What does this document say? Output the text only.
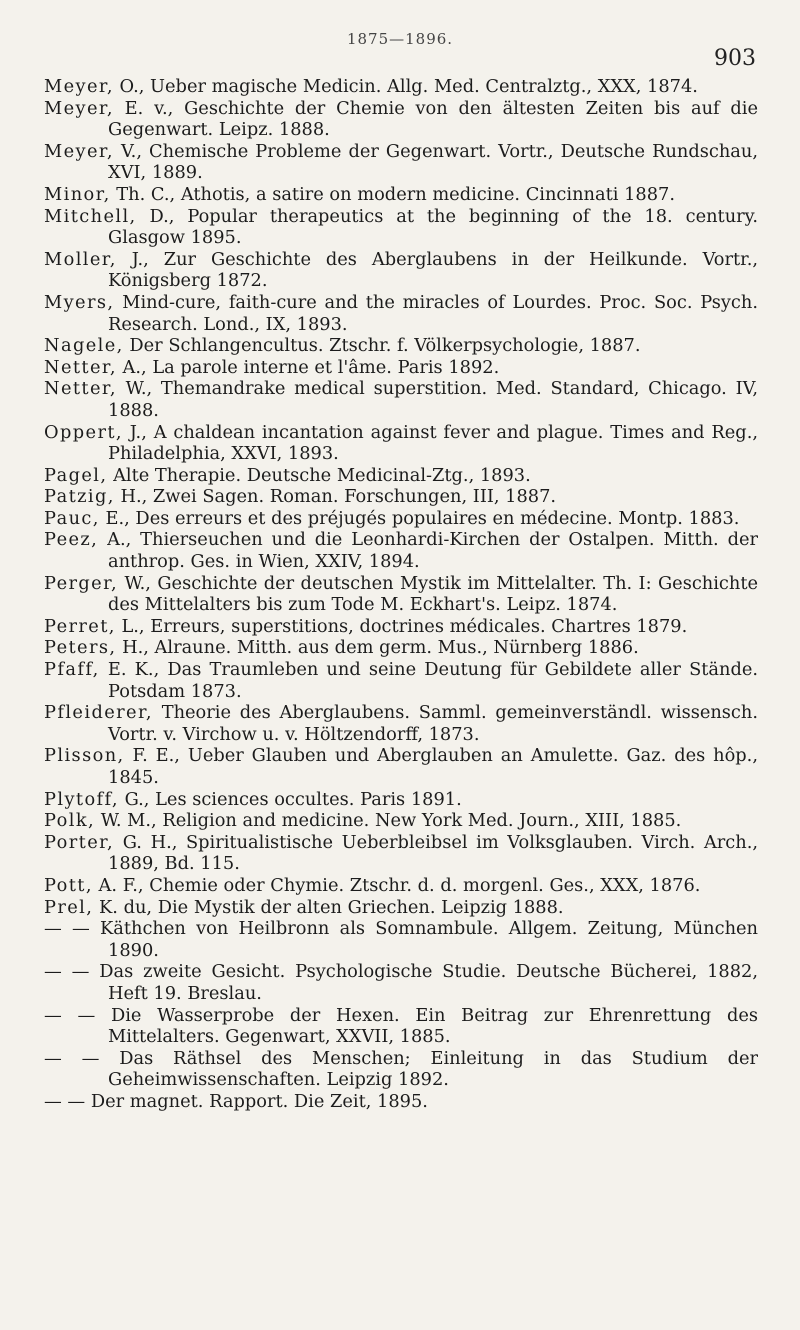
1875—1896.
903

Meyer, O., Ueber magische Medicin. Allg. Med. Centralztg., XXX, 1874.

Meyer, E. v., Geschichte der Chemie von den ältesten Zeiten bis auf die Gegenwart. Leipz. 1888.

Meyer, V., Chemische Probleme der Gegenwart. Vortr., Deutsche Rundschau, XVI, 1889.

Minor, Th. C., Athotis, a satire on modern medicine. Cincinnati 1887.

Mitchell, D., Popular therapeutics at the beginning of the 18. century. Glasgow 1895.

Moller, J., Zur Geschichte des Aberglaubens in der Heilkunde. Vortr., Königsberg 1872.

Myers, Mind-cure, faith-cure and the miracles of Lourdes. Proc. Soc. Psych. Research. Lond., IX, 1893.

Nagele, Der Schlangencultus. Ztschr. f. Völkerpsychologie, 1887.

Netter, A., La parole interne et l'âme. Paris 1892.

Netter, W., Themandrake medical superstition. Med. Standard, Chicago. IV, 1888.

Oppert, J., A chaldean incantation against fever and plague. Times and Reg., Philadelphia, XXVI, 1893.

Pagel, Alte Therapie. Deutsche Medicinal-Ztg., 1893.

Patzig, H., Zwei Sagen. Roman. Forschungen, III, 1887.

Pauc, E., Des erreurs et des préjugés populaires en médecine. Montp. 1883.

Peez, A., Thierseuchen und die Leonhardi-Kirchen der Ostalpen. Mitth. der anthrop. Ges. in Wien, XXIV, 1894.

Perger, W., Geschichte der deutschen Mystik im Mittelalter. Th. I: Geschichte des Mittelalters bis zum Tode M. Eckhart's. Leipz. 1874.

Perret, L., Erreurs, superstitions, doctrines médicales. Chartres 1879.

Peters, H., Alraune. Mitth. aus dem germ. Mus., Nürnberg 1886.

Pfaff, E. K., Das Traumleben und seine Deutung für Gebildete aller Stände. Potsdam 1873.

Pfleiderer, Theorie des Aberglaubens. Samml. gemeinverständl. wissensch. Vortr. v. Virchow u. v. Höltzendorff, 1873.

Plisson, F. E., Ueber Glauben und Aberglauben an Amulette. Gaz. des hôp., 1845.

Plytoff, G., Les sciences occultes. Paris 1891.

Polk, W. M., Religion and medicine. New York Med. Journ., XIII, 1885.

Porter, G. H., Spiritualistische Ueberbleibsel im Volksglauben. Virch. Arch., 1889, Bd. 115.

Pott, A. F., Chemie oder Chymie. Ztschr. d. d. morgenl. Ges., XXX, 1876.

Prel, K. du, Die Mystik der alten Griechen. Leipzig 1888.

— — Käthchen von Heilbronn als Somnambule. Allgem. Zeitung, München 1890.

— — Das zweite Gesicht. Psychologische Studie. Deutsche Bücherei, 1882, Heft 19. Breslau.

— — Die Wasserprobe der Hexen. Ein Beitrag zur Ehrenrettung des Mittelalters. Gegenwart, XXVII, 1885.

— — Das Räthsel des Menschen; Einleitung in das Studium der Geheimwissenschaften. Leipzig 1892.

— — Der magnet. Rapport. Die Zeit, 1895.
